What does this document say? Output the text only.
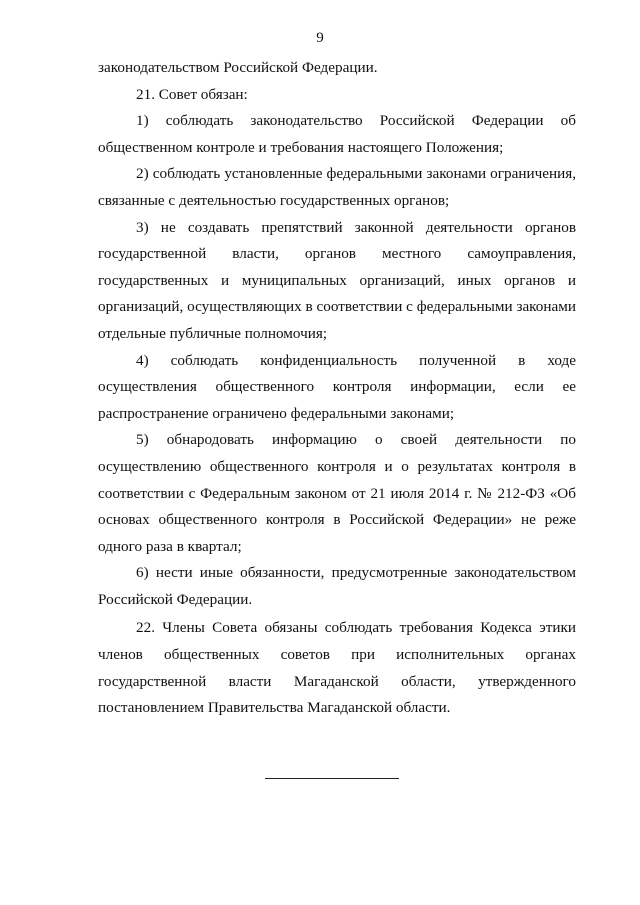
9

законодательством Российской Федерации.

21. Совет обязан:

1) соблюдать законодательство Российской Федерации об общественном контроле и требования настоящего Положения;

2) соблюдать установленные федеральными законами ограничения, связанные с деятельностью государственных органов;

3) не создавать препятствий законной деятельности органов государственной власти, органов местного самоуправления, государственных и муниципальных организаций, иных органов и организаций, осуществляющих в соответствии с федеральными законами отдельные публичные полномочия;

4) соблюдать конфиденциальность полученной в ходе осуществления общественного контроля информации, если ее распространение ограничено федеральными законами;

5) обнародовать информацию о своей деятельности по осуществлению общественного контроля и о результатах контроля в соответствии с Федеральным законом от 21 июля 2014 г. № 212-ФЗ «Об основах общественного контроля в Российской Федерации» не реже одного раза в квартал;

6) нести иные обязанности, предусмотренные законодательством Российской Федерации.

22. Члены Совета обязаны соблюдать требования Кодекса этики членов общественных советов при исполнительных органах государственной власти Магаданской области, утвержденного постановлением Правительства Магаданской области.
